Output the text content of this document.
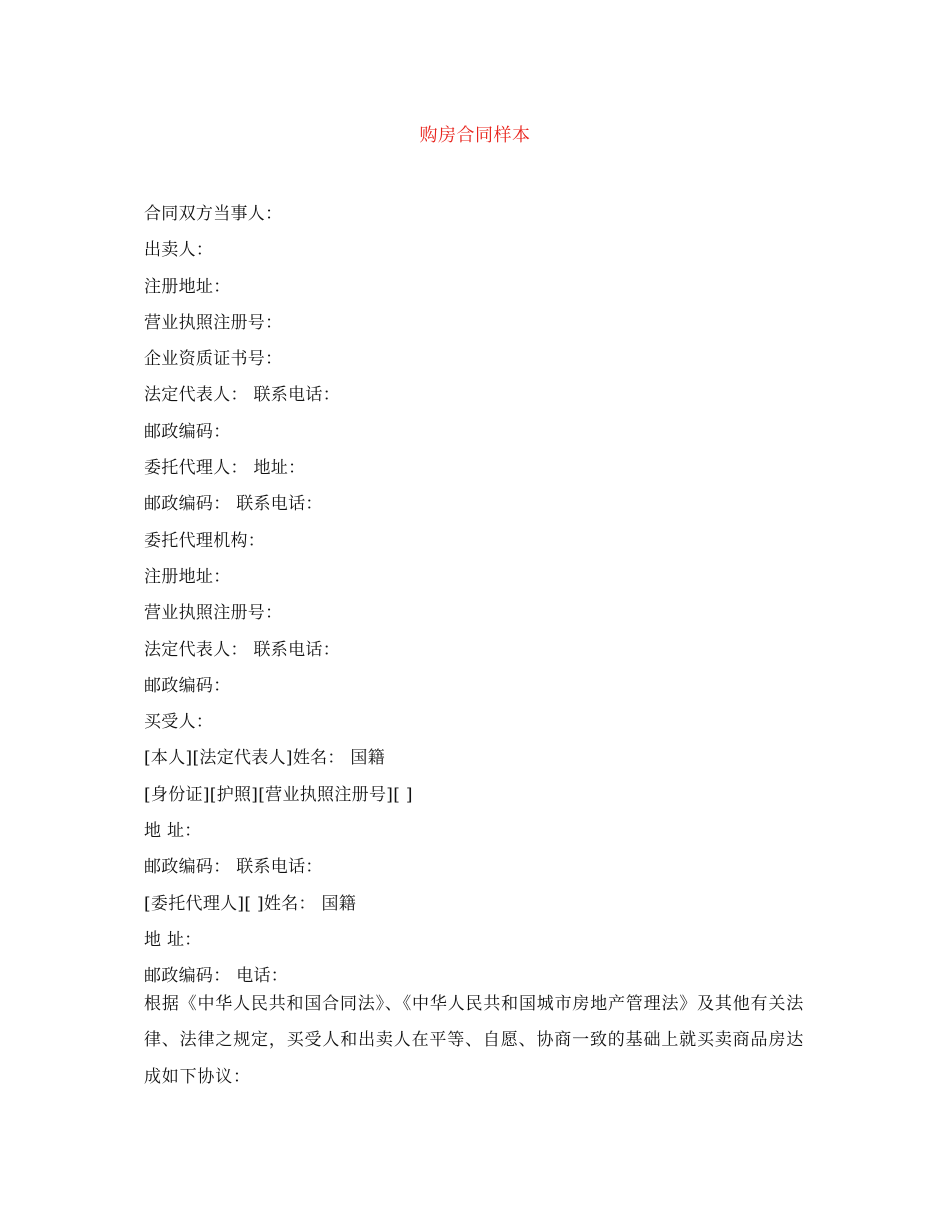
购房合同样本
合同双方当事人：
出卖人：
注册地址：
营业执照注册号：
企业资质证书号：
法定代表人： 联系电话：
邮政编码：
委托代理人： 地址：
邮政编码： 联系电话：
委托代理机构：
注册地址：
营业执照注册号：
法定代表人： 联系电话：
邮政编码：
买受人：
[本人][法定代表人]姓名： 国籍
[身份证][护照][营业执照注册号][ ]
地 址：
邮政编码： 联系电话：
[委托代理人][ ]姓名： 国籍
地 址：
邮政编码： 电话：

根据《中华人民共和国合同法》、《中华人民共和国城市房地产管理法》及其他有关法律、法律之规定，买受人和出卖人在平等、自愿、协商一致的基础上就买卖商品房达成如下协议：
